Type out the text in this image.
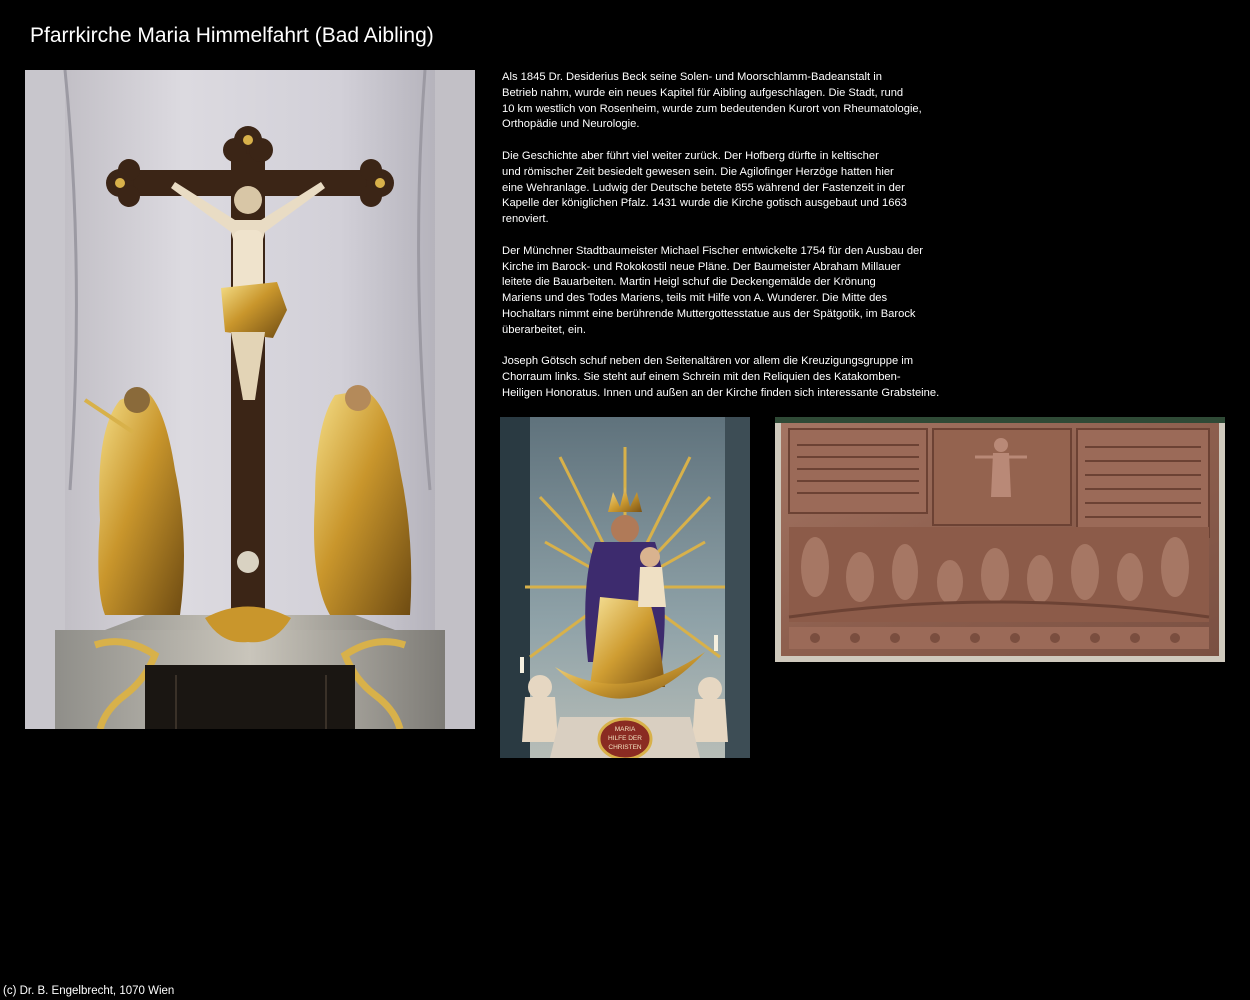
Pfarrkirche Maria Himmelfahrt (Bad Aibling)

Als 1845 Dr. Desiderius Beck seine Solen- und Moorschlamm-Badeanstalt in
Betrieb nahm, wurde ein neues Kapitel für Aibling aufgeschlagen. Die Stadt, rund
10 km westlich von Rosenheim, wurde zum bedeutenden Kurort von Rheumatologie,
Orthopädie und Neurologie.

Die Geschichte aber führt viel weiter zurück. Der Hofberg dürfte in keltischer
und römischer Zeit besiedelt gewesen sein. Die Agilofinger Herzöge hatten hier
eine Wehranlage. Ludwig der Deutsche betete 855 während der Fastenzeit in der
Kapelle der königlichen Pfalz. 1431 wurde die Kirche gotisch ausgebaut und 1663
renoviert.

Der Münchner Stadtbaumeister Michael Fischer entwickelte 1754 für den Ausbau der
Kirche im Barock- und Rokokostil neue Pläne. Der Baumeister Abraham Millauer
leitete die Bauarbeiten. Martin Heigl schuf die Deckengemälde der Krönung
Mariens und des Todes Mariens, teils mit Hilfe von A. Wunderer. Die Mitte des
Hochaltars nimmt eine berührende Muttergottesstatue aus der Spätgotik, im Barock
überarbeitet, ein.

Joseph Götsch schuf neben den Seitenaltären vor allem die Kreuzigungsgruppe im
Chorraum links. Sie steht auf einem Schrein mit den Reliquien des Katakomben-
Heiligen Honoratus. Innen und außen an der Kirche finden sich interessante Grabsteine.

MARIA
HILFE DER
CHRISTEN
(c) Dr. B. Engelbrecht, 1070 Wien
